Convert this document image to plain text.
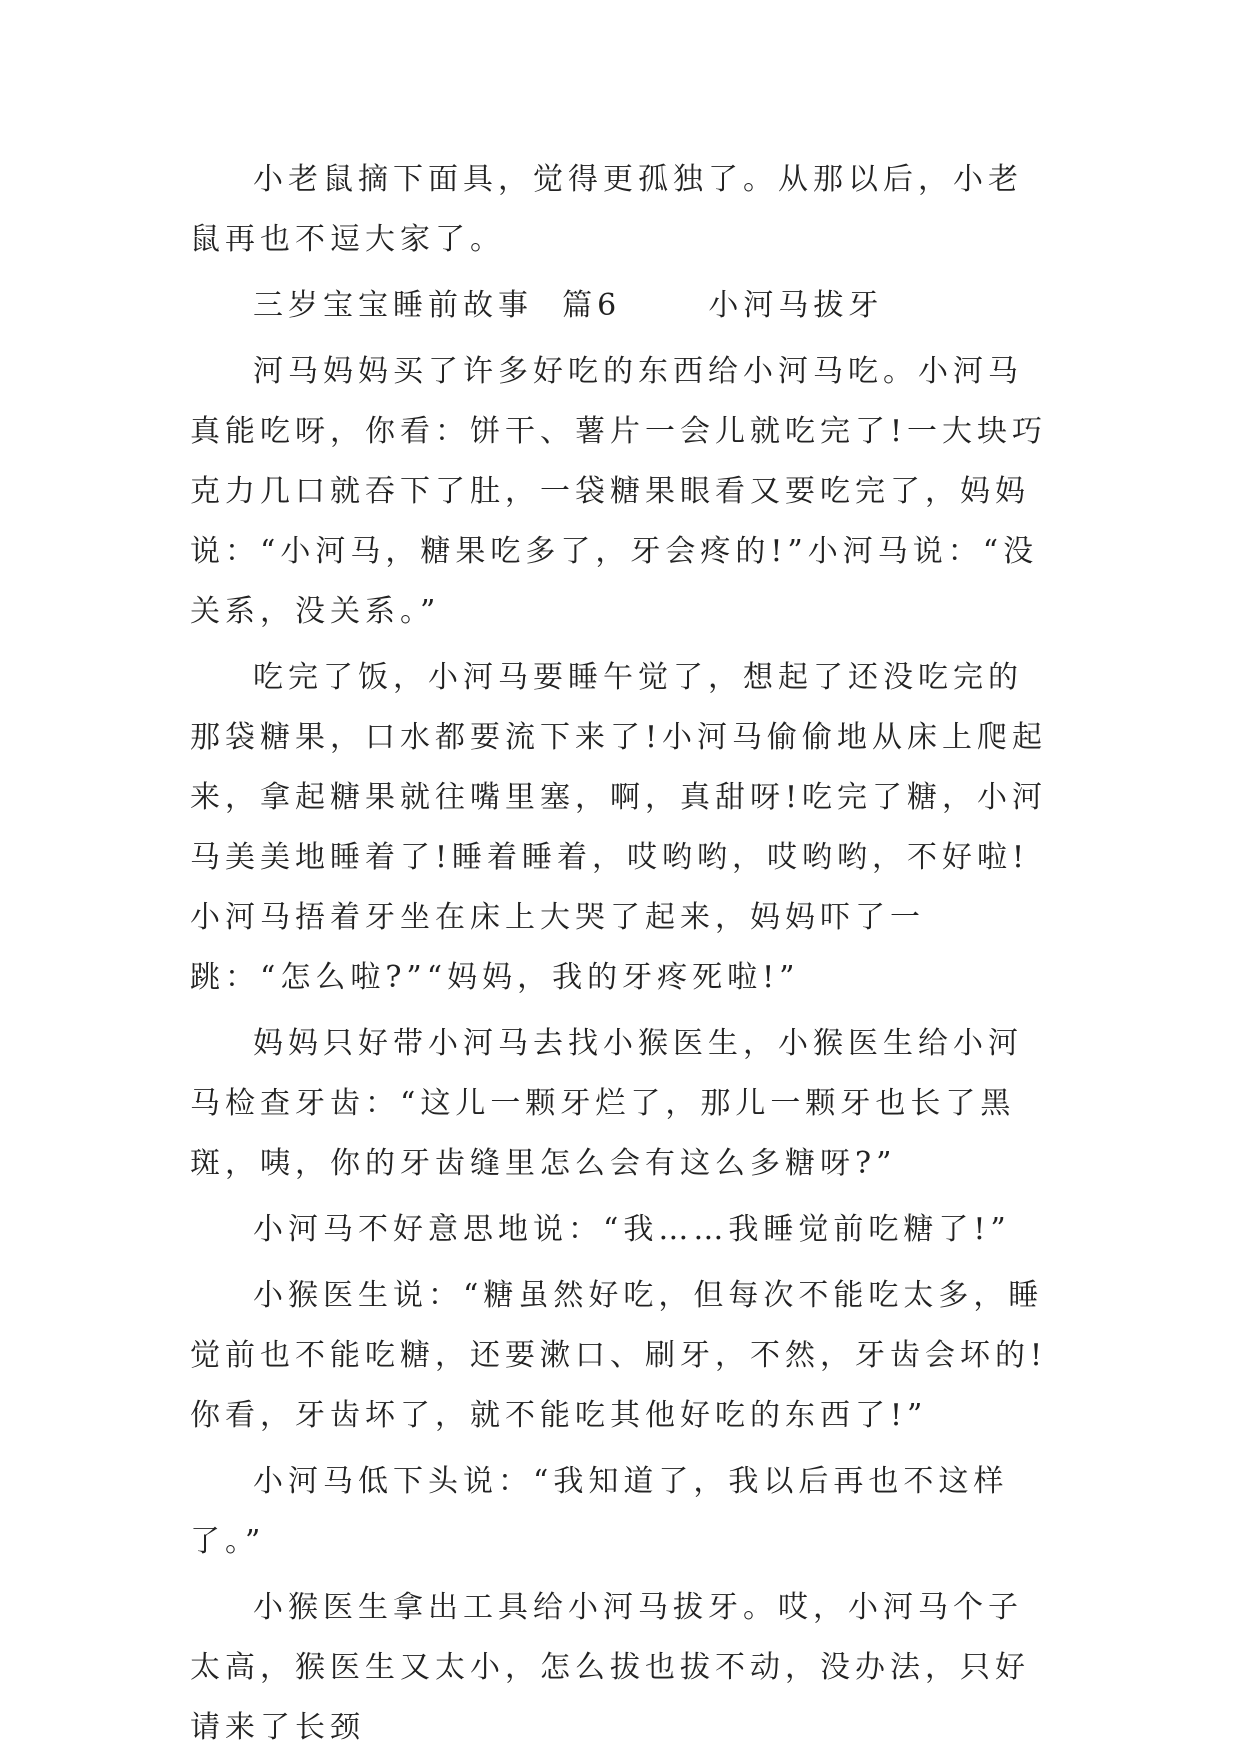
小老鼠摘下面具，觉得更孤独了。从那以后，小老鼠再也不逗大家了。

三岁宝宝睡前故事  篇6      小河马拔牙

河马妈妈买了许多好吃的东西给小河马吃。小河马真能吃呀，你看：饼干、薯片一会儿就吃完了!一大块巧克力几口就吞下了肚，一袋糖果眼看又要吃完了，妈妈说：“小河马，糖果吃多了，牙会疼的!”小河马说：“没关系，没关系。”

吃完了饭，小河马要睡午觉了，想起了还没吃完的那袋糖果，口水都要流下来了!小河马偷偷地从床上爬起来，拿起糖果就往嘴里塞，啊，真甜呀!吃完了糖，小河马美美地睡着了!睡着睡着，哎哟哟，哎哟哟，不好啦!小河马捂着牙坐在床上大哭了起来，妈妈吓了一跳：“怎么啦?”“妈妈，我的牙疼死啦!”

妈妈只好带小河马去找小猴医生，小猴医生给小河马检查牙齿：“这儿一颗牙烂了，那儿一颗牙也长了黑斑，咦，你的牙齿缝里怎么会有这么多糖呀?”

小河马不好意思地说：“我……我睡觉前吃糖了!”

小猴医生说：“糖虽然好吃，但每次不能吃太多，睡觉前也不能吃糖，还要漱口、刷牙，不然，牙齿会坏的!你看，牙齿坏了，就不能吃其他好吃的东西了!”

小河马低下头说：“我知道了，我以后再也不这样了。”

小猴医生拿出工具给小河马拔牙。哎，小河马个子太高，猴医生又太小，怎么拔也拔不动，没办法，只好请来了长颈
